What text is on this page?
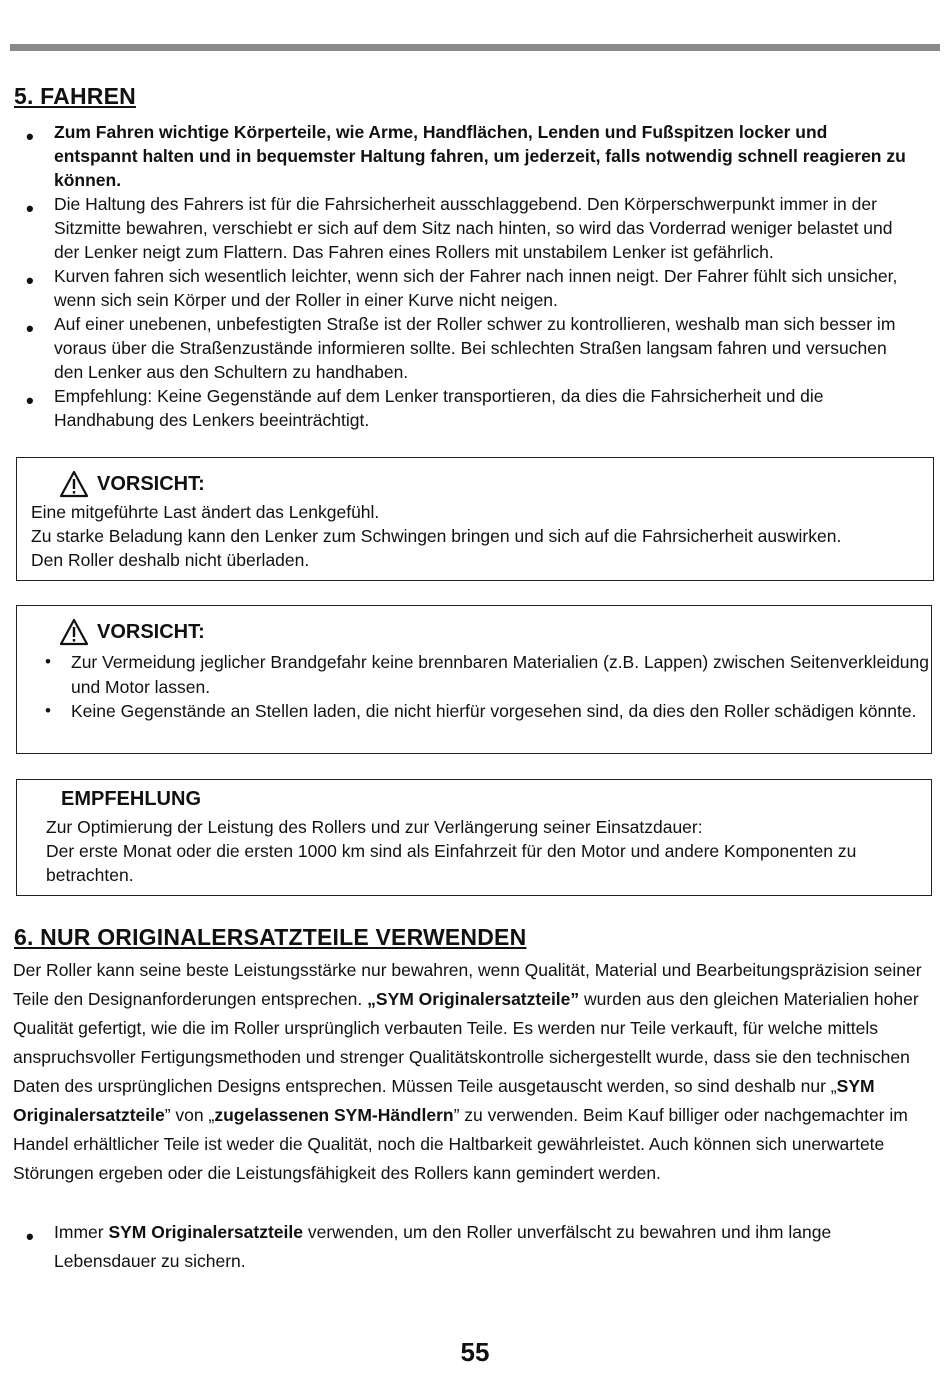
5. FAHREN
• Zum Fahren wichtige Körperteile, wie Arme, Handflächen, Lenden und Fußspitzen locker und entspannt halten und in bequemster Haltung fahren, um jederzeit, falls notwendig schnell reagieren zu können.
• Die Haltung des Fahrers ist für die Fahrsicherheit ausschlaggebend. Den Körperschwerpunkt immer in der Sitzmitte bewahren, verschiebt er sich auf dem Sitz nach hinten, so wird das Vorderrad weniger belastet und der Lenker neigt zum Flattern. Das Fahren eines Rollers mit unstabilem Lenker ist gefährlich.
• Kurven fahren sich wesentlich leichter, wenn sich der Fahrer nach innen neigt. Der Fahrer fühlt sich unsicher, wenn sich sein Körper und der Roller in einer Kurve nicht neigen.
• Auf einer unebenen, unbefestigten Straße ist der Roller schwer zu kontrollieren, weshalb man sich besser im voraus über die Straßenzustände informieren sollte. Bei schlechten Straßen langsam fahren und versuchen den Lenker aus den Schultern zu handhaben.
• Empfehlung: Keine Gegenstände auf dem Lenker transportieren, da dies die Fahrsicherheit und die Handhabung des Lenkers beeinträchtigt.
VORSICHT:

Eine mitgeführte Last ändert das Lenkgefühl.

Zu starke Beladung kann den Lenker zum Schwingen bringen und sich auf die Fahrsicherheit auswirken.

Den Roller deshalb nicht überladen.

VORSICHT:
• Zur Vermeidung jeglicher Brandgefahr keine brennbaren Materialien (z.B. Lappen) zwischen Seitenverkleidung und Motor lassen.
• Keine Gegenstände an Stellen laden, die nicht hierfür vorgesehen sind, da dies den Roller schädigen könnte.
EMPFEHLUNG

Zur Optimierung der Leistung des Rollers und zur Verlängerung seiner Einsatzdauer:

Der erste Monat oder die ersten 1000 km sind als Einfahrzeit für den Motor und andere Komponenten zu betrachten.

6. NUR ORIGINALERSATZTEILE VERWENDEN

Der Roller kann seine beste Leistungsstärke nur bewahren, wenn Qualität, Material und Bearbeitungspräzision seiner Teile den Designanforderungen entsprechen. „SYM Originalersatzteile” wurden aus den gleichen Materialien hoher Qualität gefertigt, wie die im Roller ursprünglich verbauten Teile. Es werden nur Teile verkauft, für welche mittels anspruchsvoller Fertigungsmethoden und strenger Qualitätskontrolle sichergestellt wurde, dass sie den technischen Daten des ursprünglichen Designs entsprechen. Müssen Teile ausgetauscht werden, so sind deshalb nur „SYM Originalersatzteile” von „zugelassenen SYM-Händlern” zu verwenden. Beim Kauf billiger oder nachgemachter im Handel erhältlicher Teile ist weder die Qualität, noch die Haltbarkeit gewährleistet. Auch können sich unerwartete Störungen ergeben oder die Leistungsfähigkeit des Rollers kann gemindert werden.

• Immer SYM Originalersatzteile verwenden, um den Roller unverfälscht zu bewahren und ihm lange Lebensdauer zu sichern.
55
